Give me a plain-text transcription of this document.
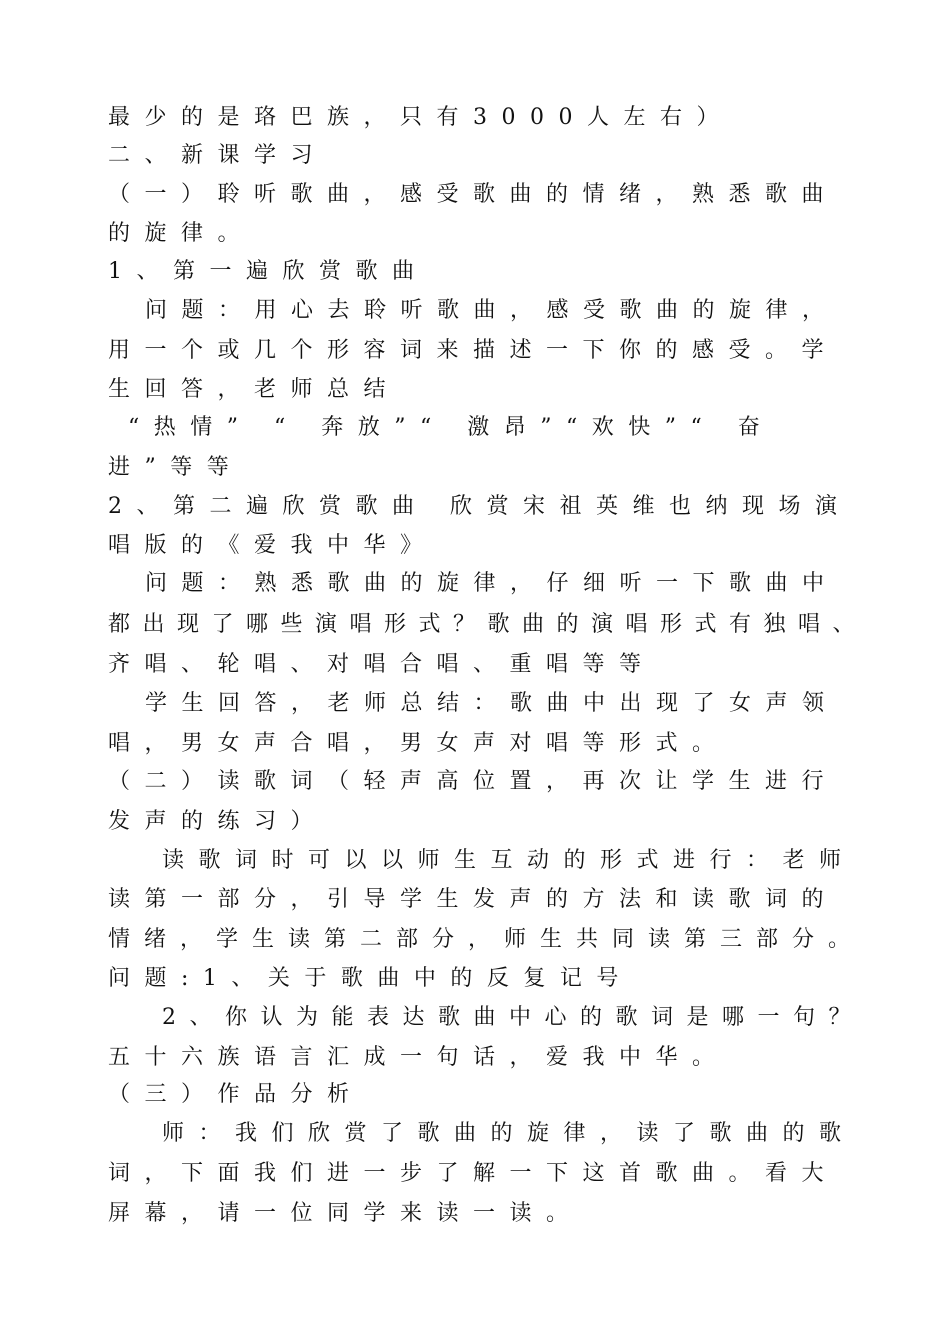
最少的是珞巴族，只有3000人左右）
二、新课学习
（一）聆听歌曲，感受歌曲的情绪，熟悉歌曲
的旋律。
1、第一遍欣赏歌曲
问题：用心去聆听歌曲，感受歌曲的旋律，
用一个或几个形容词来描述一下你的感受。学
生回答，老师总结
“热情” “ 奔放”“ 激昂”“欢快”“ 奋
进”等等
2、第二遍欣赏歌曲 欣赏宋祖英维也纳现场演
唱版的《爱我中华》
问题：熟悉歌曲的旋律，仔细听一下歌曲中
都出现了哪些演唱形式？歌曲的演唱形式有独唱、
齐唱、轮唱、对唱合唱、重唱等等
学生回答，老师总结：歌曲中出现了女声领
唱，男女声合唱，男女声对唱等形式。
（二）读歌词（轻声高位置，再次让学生进行
发声的练习）
读歌词时可以以师生互动的形式进行：老师
读第一部分，引导学生发声的方法和读歌词的
情绪，学生读第二部分，师生共同读第三部分。
问题:1、关于歌曲中的反复记号
2、你认为能表达歌曲中心的歌词是哪一句？
五十六族语言汇成一句话，爱我中华。
（三）作品分析
师：我们欣赏了歌曲的旋律，读了歌曲的歌
词，下面我们进一步了解一下这首歌曲。看大
屏幕，请一位同学来读一读。
